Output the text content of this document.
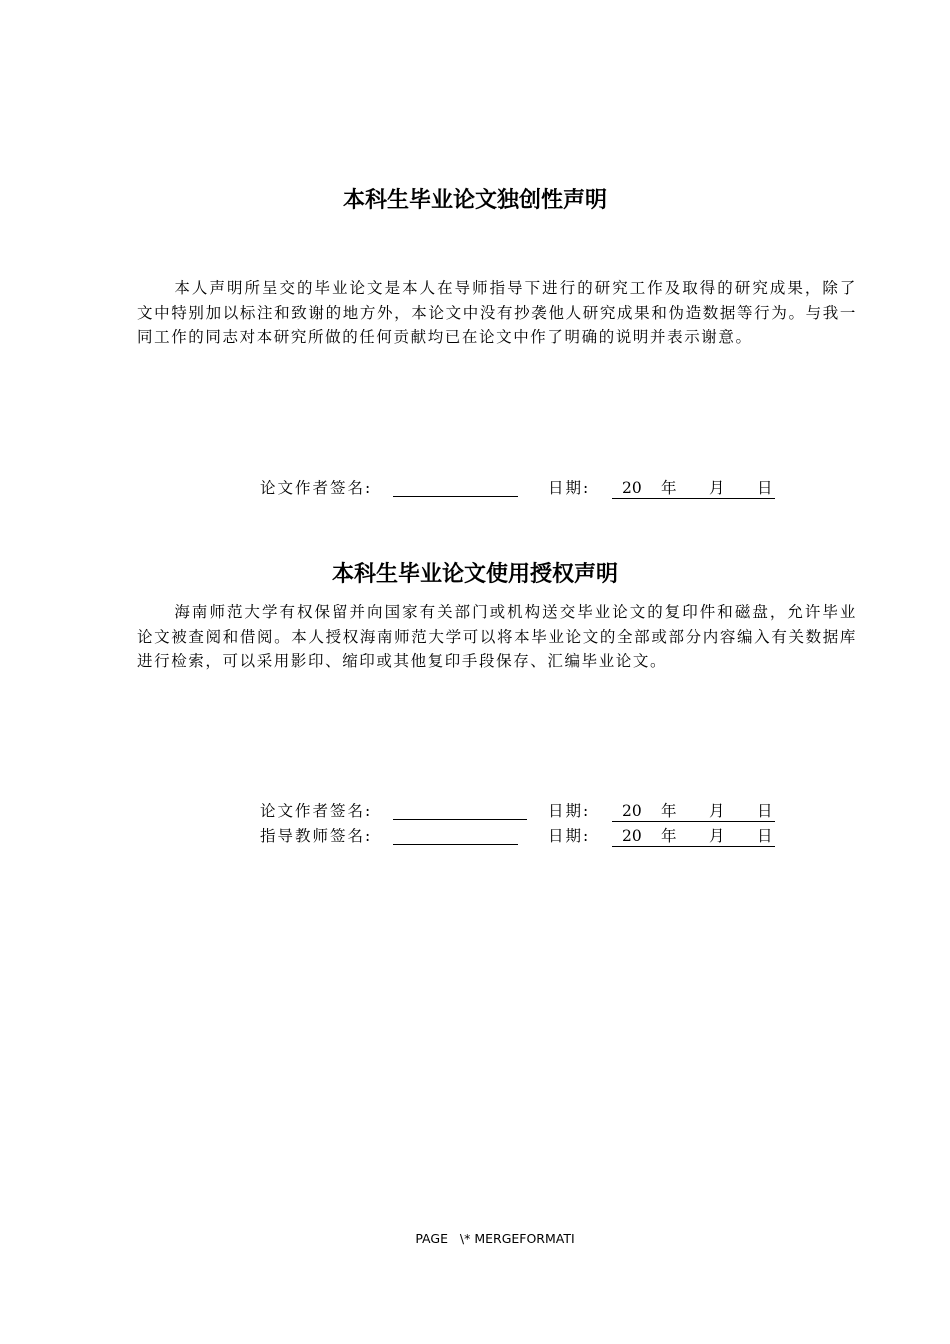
本科生毕业论文独创性声明

本人声明所呈交的毕业论文是本人在导师指导下进行的研究工作及取得的研究成果，除了文中特别加以标注和致谢的地方外，本论文中没有抄袭他人研究成果和伪造数据等行为。与我一同工作的同志对本研究所做的任何贡献均已在论文中作了明确的说明并表示谢意。

论文作者签名:	日期: 20 年 月 日
本科生毕业论文使用授权声明

海南师范大学有权保留并向国家有关部门或机构送交毕业论文的复印件和磁盘，允许毕业论文被查阅和借阅。本人授权海南师范大学可以将本毕业论文的全部或部分内容编入有关数据库进行检索，可以采用影印、缩印或其他复印手段保存、汇编毕业论文。

论文作者签名:	日期: 20 年 月 日
指导教师签名:	日期: 20 年 月 日
PAGE   \* MERGEFORMATI
